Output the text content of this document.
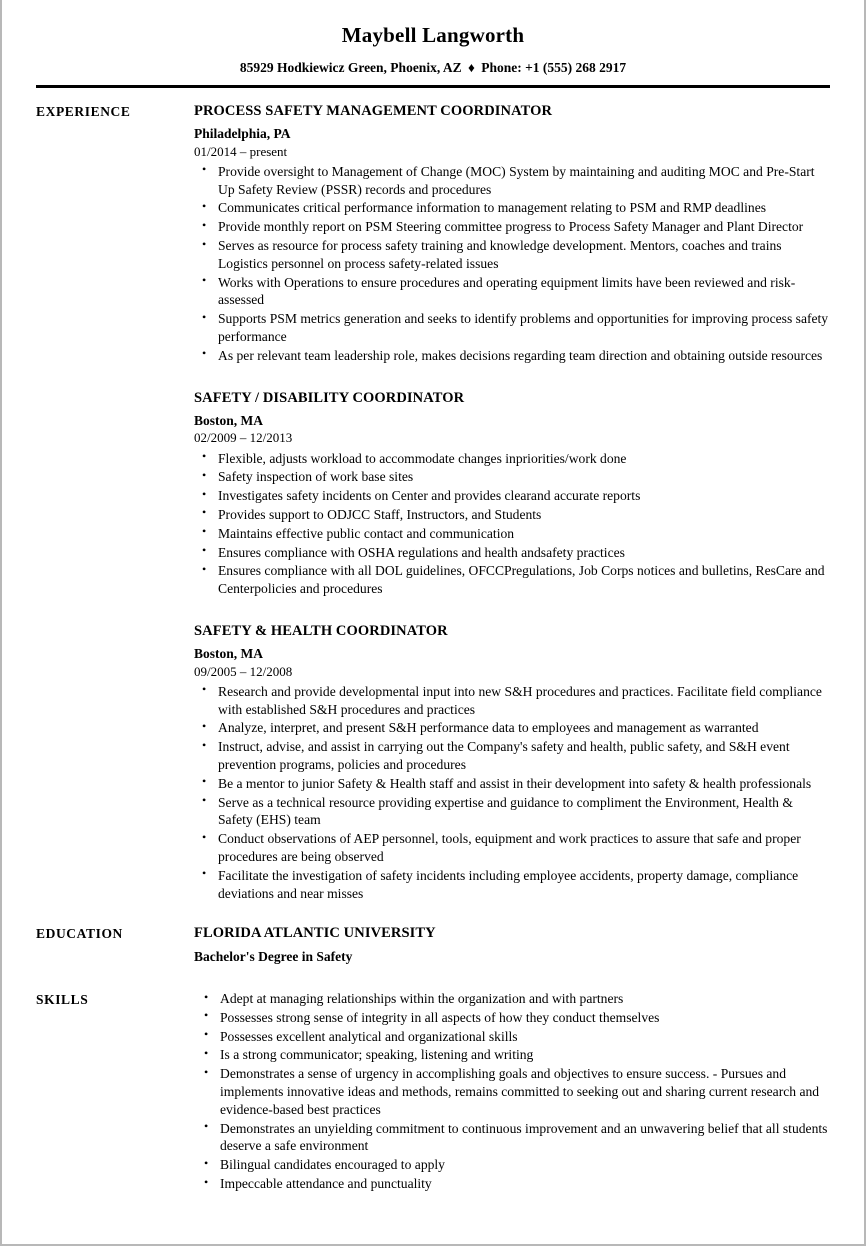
Maybell Langworth
85929 Hodkiewicz Green, Phoenix, AZ ♦ Phone: +1 (555) 268 2917
EXPERIENCE	PROCESS SAFETY MANAGEMENT COORDINATOR
Philadelphia, PA
01/2014 – present
• Provide oversight to Management of Change (MOC) System by maintaining and auditing MOC and Pre-Start Up Safety Review (PSSR) records and procedures
• Communicates critical performance information to management relating to PSM and RMP deadlines
• Provide monthly report on PSM Steering committee progress to Process Safety Manager and Plant Director
• Serves as resource for process safety training and knowledge development. Mentors, coaches and trains Logistics personnel on process safety-related issues
• Works with Operations to ensure procedures and operating equipment limits have been reviewed and risk-assessed
• Supports PSM metrics generation and seeks to identify problems and opportunities for improving process safety performance
• As per relevant team leadership role, makes decisions regarding team direction and obtaining outside resources
SAFETY / DISABILITY COORDINATOR
Boston, MA
02/2009 – 12/2013
• Flexible, adjusts workload to accommodate changes inpriorities/work done
• Safety inspection of work base sites
• Investigates safety incidents on Center and provides clearand accurate reports
• Provides support to ODJCC Staff, Instructors, and Students
• Maintains effective public contact and communication
• Ensures compliance with OSHA regulations and health andsafety practices
• Ensures compliance with all DOL guidelines, OFCCPregulations, Job Corps notices and bulletins, ResCare and Centerpolicies and procedures
SAFETY & HEALTH COORDINATOR
Boston, MA
09/2005 – 12/2008
• Research and provide developmental input into new S&H procedures and practices. Facilitate field compliance with established S&H procedures and practices
• Analyze, interpret, and present S&H performance data to employees and management as warranted
• Instruct, advise, and assist in carrying out the Company's safety and health, public safety, and S&H event prevention programs, policies and procedures
• Be a mentor to junior Safety & Health staff and assist in their development into safety & health professionals
• Serve as a technical resource providing expertise and guidance to compliment the Environment, Health & Safety (EHS) team
• Conduct observations of AEP personnel, tools, equipment and work practices to assure that safe and proper procedures are being observed
• Facilitate the investigation of safety incidents including employee accidents, property damage, compliance deviations and near misses
EDUCATION	FLORIDA ATLANTIC UNIVERSITY
Bachelor's Degree in Safety
SKILLS	• Adept at managing relationships within the organization and with partners
• Possesses strong sense of integrity in all aspects of how they conduct themselves
• Possesses excellent analytical and organizational skills
• Is a strong communicator; speaking, listening and writing
• Demonstrates a sense of urgency in accomplishing goals and objectives to ensure success. - Pursues and implements innovative ideas and methods, remains committed to seeking out and sharing current research and evidence-based best practices
• Demonstrates an unyielding commitment to continuous improvement and an unwavering belief that all students deserve a safe environment
• Bilingual candidates encouraged to apply
• Impeccable attendance and punctuality
